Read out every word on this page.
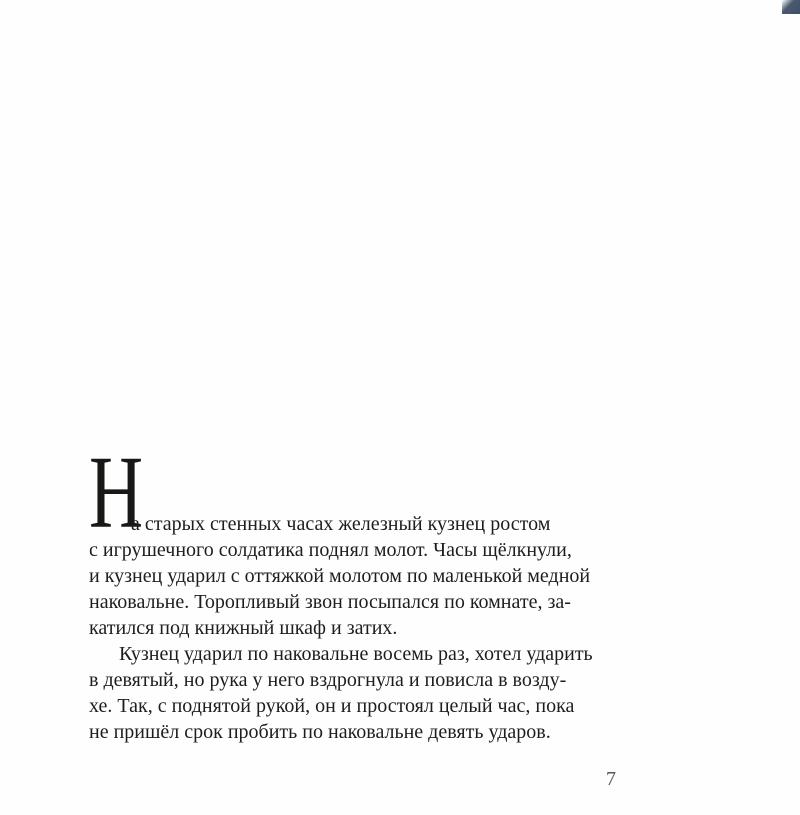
Н
а старых стенных часах железный кузнец ростом
с игрушечного солдатика поднял молот. Часы щёлкнули,
и кузнец ударил с оттяжкой молотом по маленькой медной
наковальне. Торопливый звон посыпался по комнате, за-
катился под книжный шкаф и затих.
Кузнец ударил по наковальне восемь раз, хотел ударить
в девятый, но рука у него вздрогнула и повисла в возду-
хе. Так, с поднятой рукой, он и простоял целый час, пока
не пришёл срок пробить по наковальне девять ударов.
7
